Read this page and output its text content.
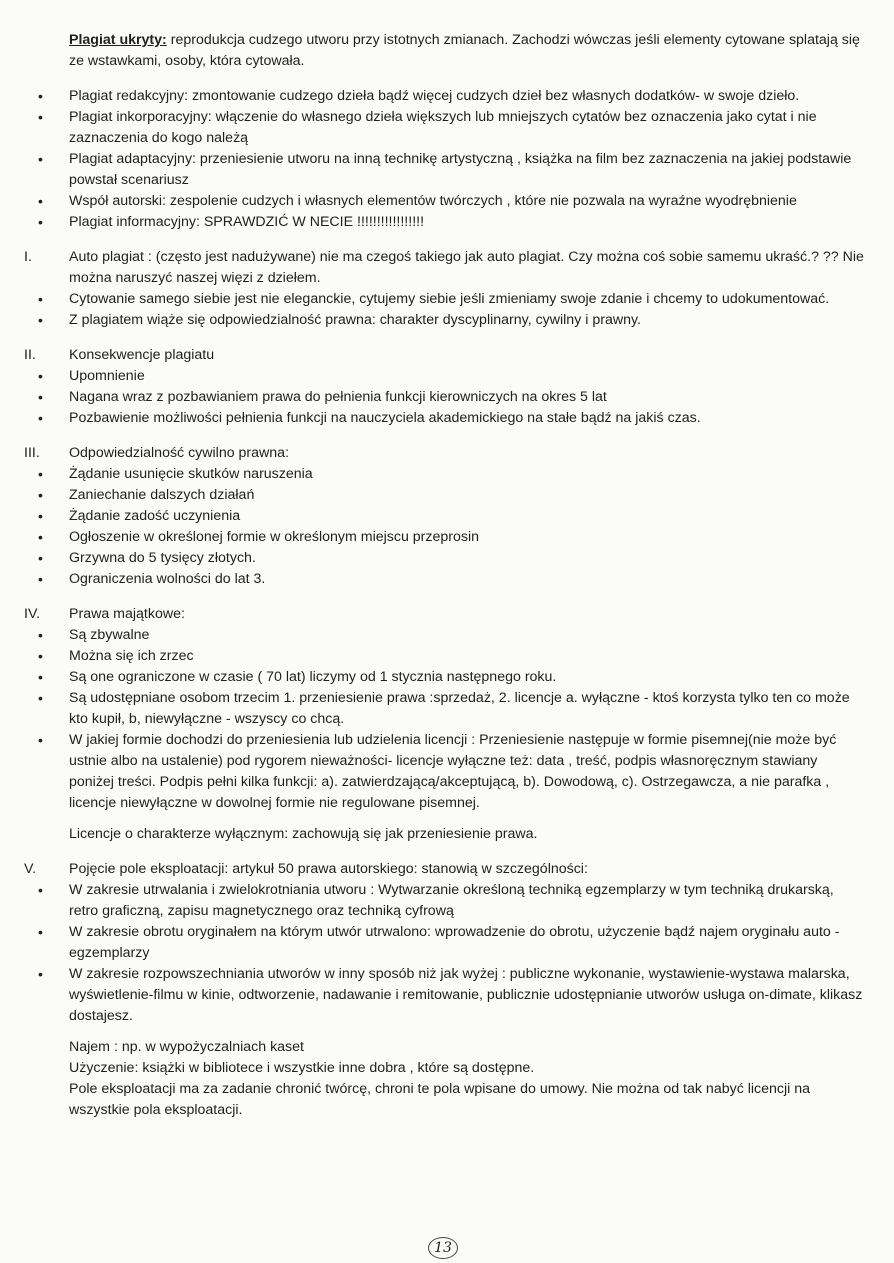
Plagiat ukryty: reprodukcja cudzego utworu przy istotnych zmianach. Zachodzi wówczas jeśli elementy cytowane splatają się ze wstawkami, osoby, która cytowała.
• Plagiat redakcyjny: zmontowanie cudzego dzieła bądź więcej cudzych dzieł bez własnych dodatków- w swoje dzieło.
• Plagiat inkorporacyjny: włączenie do własnego dzieła większych lub mniejszych cytatów bez oznaczenia jako cytat i nie zaznaczenia do kogo należą
• Plagiat adaptacyjny: przeniesienie utworu na inną technikę artystyczną , książka na film bez zaznaczenia na jakiej podstawie powstał scenariusz
• Współ autorski: zespolenie cudzych i własnych elementów twórczych , które nie pozwala na wyraźne wyodrębnienie
• Plagiat informacyjny: SPRAWDZIĆ W NECIE !!!!!!!!!!!!!!!!!
I.	Auto plagiat : (często jest nadużywane) nie ma czegoś takiego jak auto plagiat. Czy można coś sobie samemu ukraść.? ?? Nie można naruszyć naszej więzi z dziełem.
• Cytowanie samego siebie jest nie eleganckie, cytujemy siebie jeśli zmieniamy swoje zdanie i chcemy to udokumentować.
• Z plagiatem wiąże się odpowiedzialność prawna: charakter dyscyplinarny, cywilny i prawny.
II. Konsekwencje plagiatu
• Upomnienie
• Nagana wraz z pozbawianiem prawa do pełnienia funkcji kierowniczych na okres 5 lat
• Pozbawienie możliwości pełnienia funkcji na nauczyciela akademickiego na stałe bądź na jakiś czas.
III. Odpowiedzialność cywilno prawna:
• Żądanie usunięcie skutków naruszenia
• Zaniechanie dalszych działań
• Żądanie zadość uczynienia
• Ogłoszenie w określonej formie w określonym miejscu przeprosin
• Grzywna do 5 tysięcy złotych.
• Ograniczenia wolności do lat 3.
IV. Prawa majątkowe:
• Są zbywalne
• Można się ich zrzec
• Są one ograniczone w czasie ( 70 lat) liczymy od 1 stycznia następnego roku.
• Są udostępniane osobom trzecim 1. przeniesienie prawa :sprzedaż, 2. licencje a. wyłączne - ktoś korzysta tylko ten co może kto kupił, b, niewyłączne - wszyscy co chcą.
• W jakiej formie dochodzi do przeniesienia lub udzielenia licencji : Przeniesienie następuje w formie pisemnej(nie może być ustnie albo na ustalenie) pod rygorem nieważności- licencje wyłączne też: data , treść, podpis własnoręcznym stawiany poniżej treści. Podpis pełni kilka funkcji: a). zatwierdzającą/akceptującą, b). Dowodową, c). Ostrzegawcza, a nie parafka , licencje niewyłączne w dowolnej formie nie regulowane pisemnej.
Licencje o charakterze wyłącznym: zachowują się jak przeniesienie prawa.
V. Pojęcie pole eksploatacji: artykuł 50 prawa autorskiego: stanowią w szczególności:
• W zakresie utrwalania i zwielokrotniania utworu : Wytwarzanie określoną techniką egzemplarzy w tym techniką drukarską, retro graficzną, zapisu magnetycznego oraz techniką cyfrową
• W zakresie obrotu oryginałem na którym utwór utrwalono: wprowadzenie do obrotu, użyczenie bądź najem oryginału auto - egzemplarzy
• W zakresie rozpowszechniania utworów w inny sposób niż jak wyżej : publiczne wykonanie, wystawienie-wystawa malarska, wyświetlenie-filmu w kinie, odtworzenie, nadawanie i remitowanie, publicznie udostępnianie utworów usługa on-dimate, klikasz dostajesz.
Najem : np. w wypożyczalniach kaset
Użyczenie: książki w bibliotece i wszystkie inne dobra , które są dostępne.
Pole eksploatacji ma za zadanie chronić twórcę, chroni te pola wpisane do umowy. Nie można od tak nabyć licencji na wszystkie pola eksploatacji.
13
